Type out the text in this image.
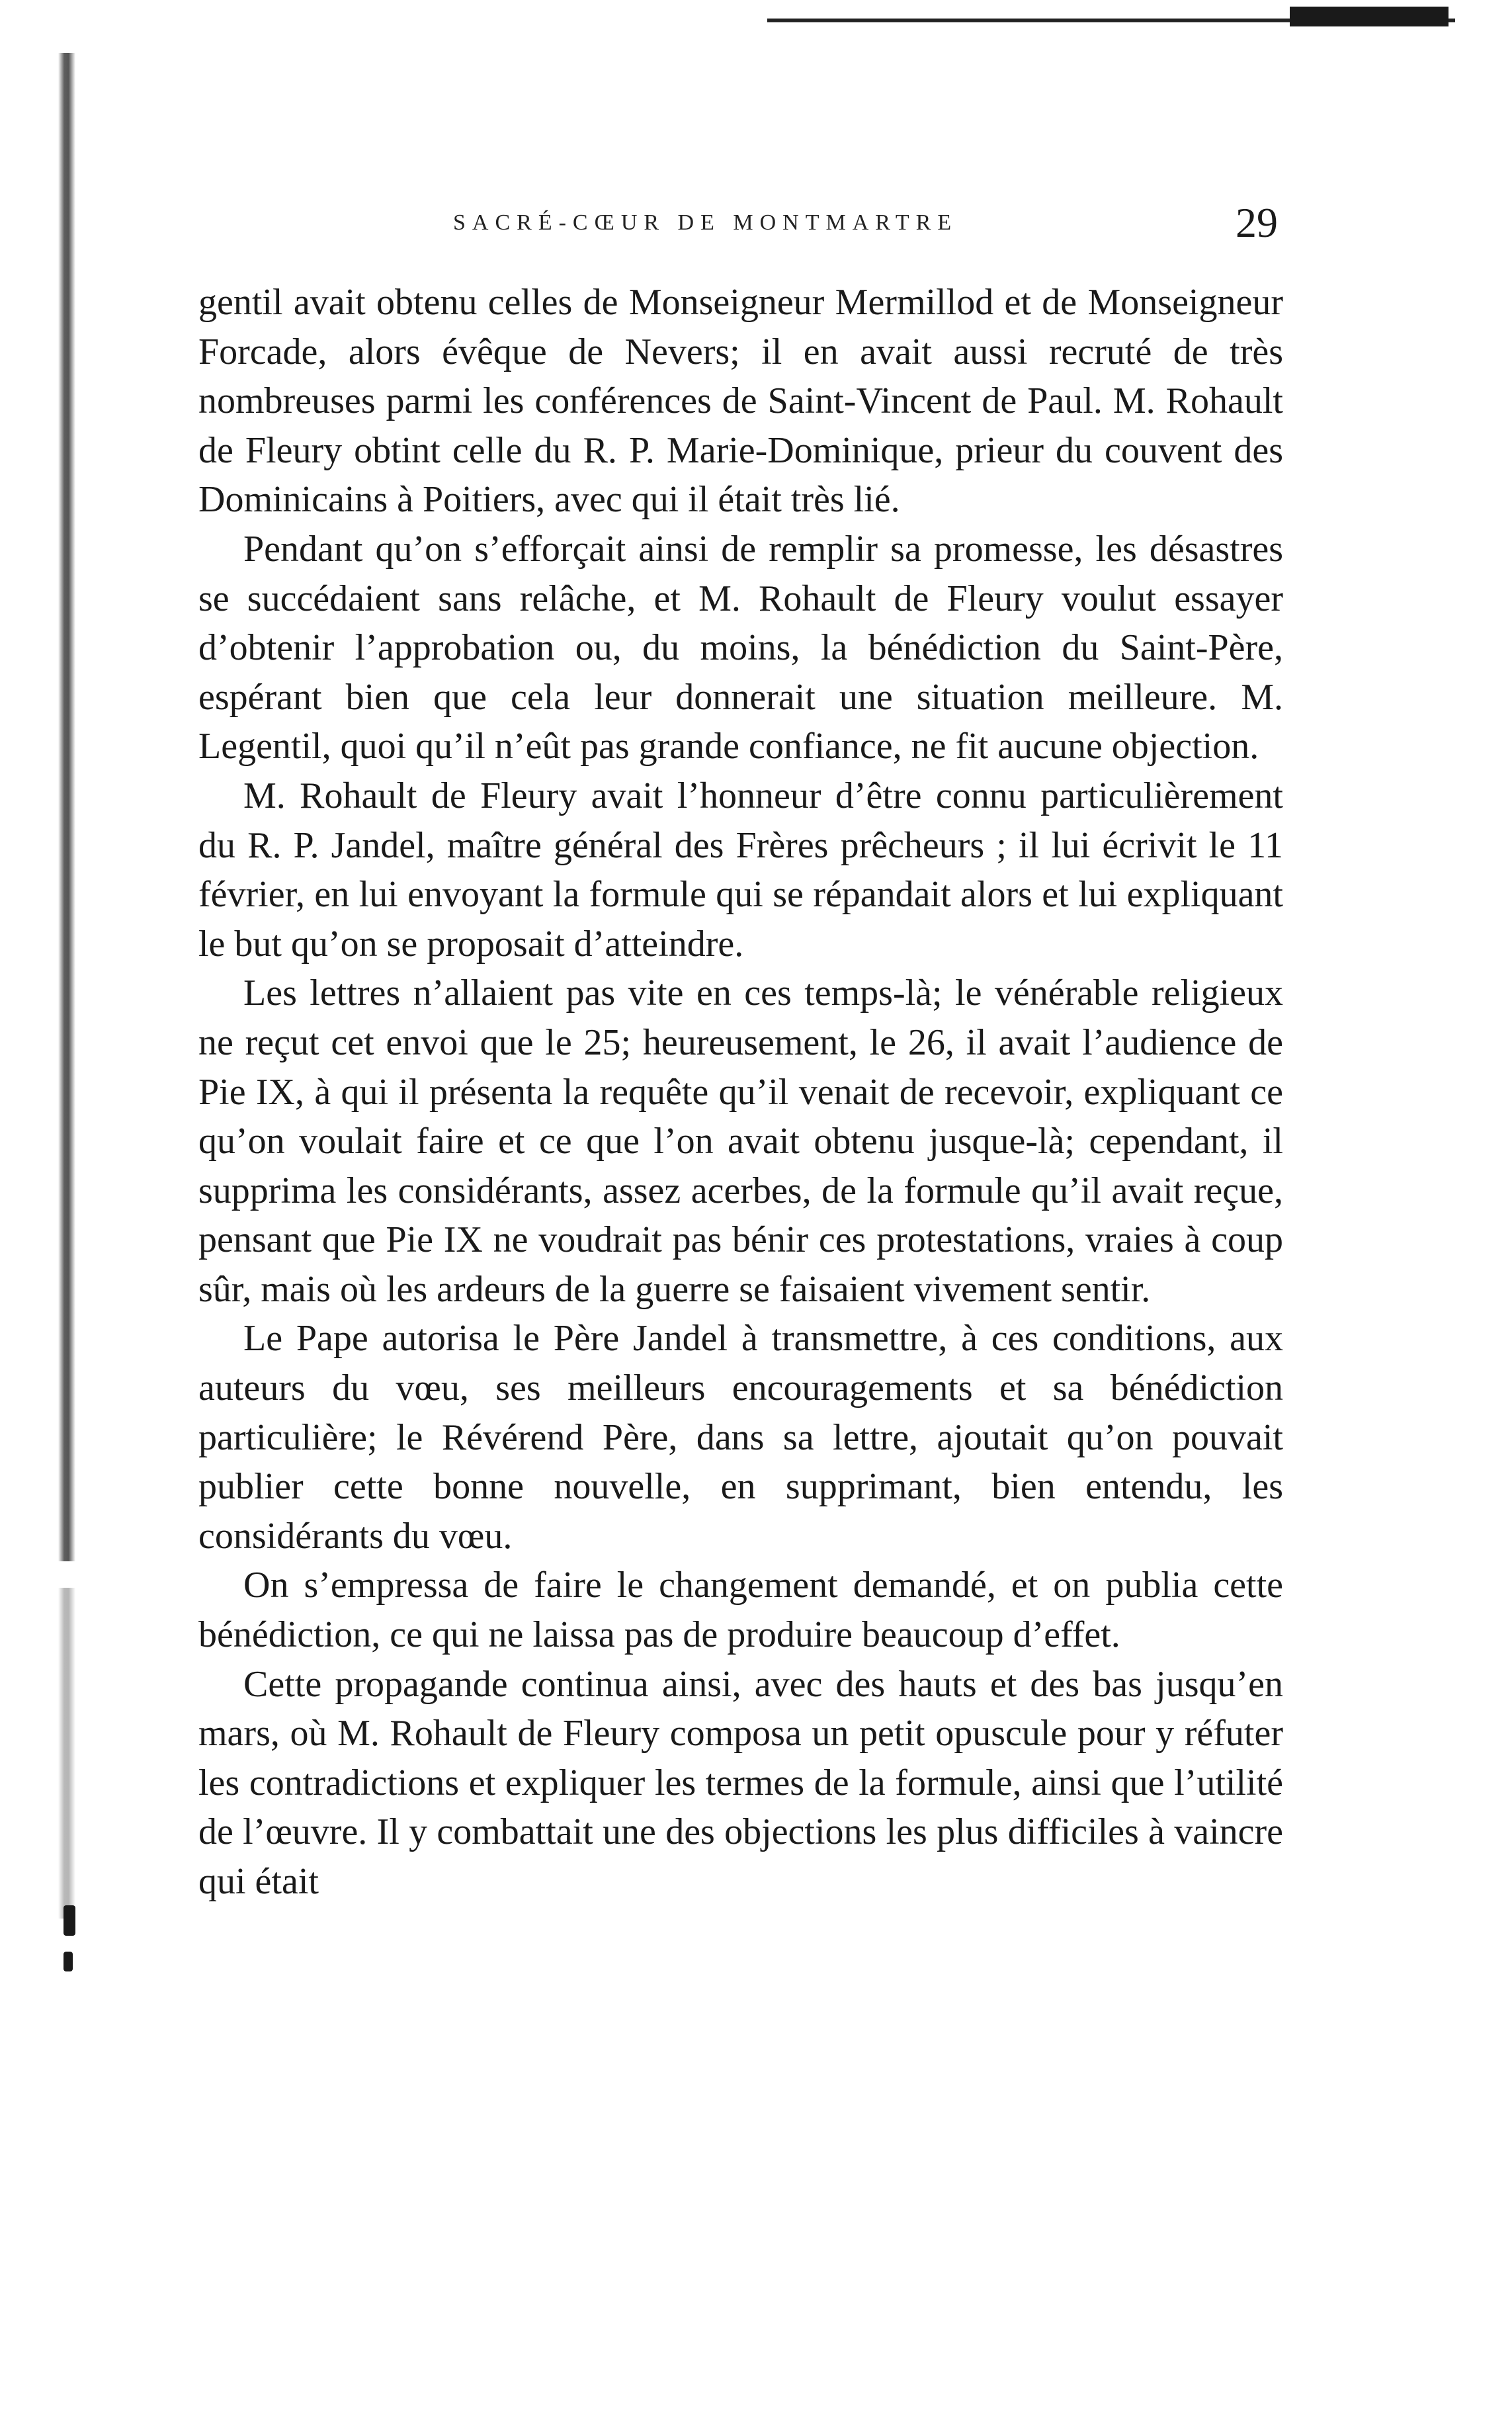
SACRÉ-CŒUR DE MONTMARTRE	29

gentil avait obtenu celles de Monseigneur Mermillod et de Monseigneur Forcade, alors évêque de Nevers; il en avait aussi recruté de très nombreuses parmi les conférences de Saint-Vincent de Paul. M. Rohault de Fleury obtint celle du R. P. Marie-Dominique, prieur du couvent des Dominicains à Poitiers, avec qui il était très lié.

Pendant qu’on s’efforçait ainsi de remplir sa promesse, les désastres se succédaient sans relâche, et M. Rohault de Fleury voulut essayer d’obtenir l’approbation ou, du moins, la bénédiction du Saint-Père, espérant bien que cela leur donnerait une situation meilleure. M. Legentil, quoi qu’il n’eût pas grande confiance, ne fit aucune objection.

M. Rohault de Fleury avait l’honneur d’être connu particulièrement du R. P. Jandel, maître général des Frères prêcheurs ; il lui écrivit le 11 février, en lui envoyant la formule qui se répandait alors et lui expliquant le but qu’on se proposait d’atteindre.

Les lettres n’allaient pas vite en ces temps-là; le vénérable religieux ne reçut cet envoi que le 25; heureusement, le 26, il avait l’audience de Pie IX, à qui il présenta la requête qu’il venait de recevoir, expliquant ce qu’on voulait faire et ce que l’on avait obtenu jusque-là; cependant, il supprima les considérants, assez acerbes, de la formule qu’il avait reçue, pensant que Pie IX ne voudrait pas bénir ces protestations, vraies à coup sûr, mais où les ardeurs de la guerre se faisaient vivement sentir.

Le Pape autorisa le Père Jandel à transmettre, à ces conditions, aux auteurs du vœu, ses meilleurs encouragements et sa bénédiction particulière; le Révérend Père, dans sa lettre, ajoutait qu’on pouvait publier cette bonne nouvelle, en supprimant, bien entendu, les considérants du vœu.

On s’empressa de faire le changement demandé, et on publia cette bénédiction, ce qui ne laissa pas de produire beaucoup d’effet.

Cette propagande continua ainsi, avec des hauts et des bas jusqu’en mars, où M. Rohault de Fleury composa un petit opuscule pour y réfuter les contradictions et expliquer les termes de la formule, ainsi que l’utilité de l’œuvre. Il y combattait une des objections les plus difficiles à vaincre qui était
